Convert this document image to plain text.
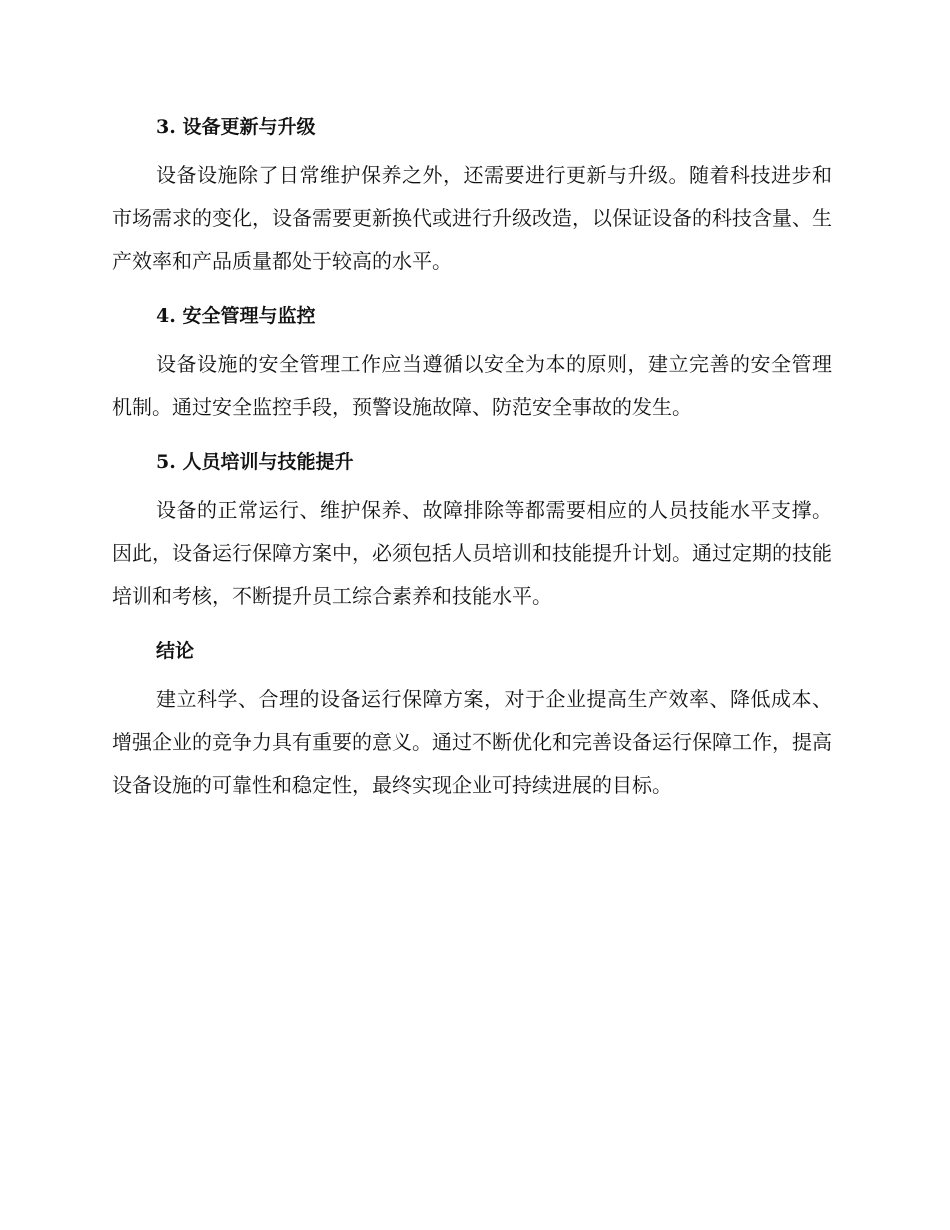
3. 设备更新与升级

设备设施除了日常维护保养之外，还需要进行更新与升级。随着科技进步和市场需求的变化，设备需要更新换代或进行升级改造，以保证设备的科技含量、生产效率和产品质量都处于较高的水平。

4. 安全管理与监控

设备设施的安全管理工作应当遵循以安全为本的原则，建立完善的安全管理机制。通过安全监控手段，预警设施故障、防范安全事故的发生。

5. 人员培训与技能提升

设备的正常运行、维护保养、故障排除等都需要相应的人员技能水平支撑。因此，设备运行保障方案中，必须包括人员培训和技能提升计划。通过定期的技能培训和考核，不断提升员工综合素养和技能水平。

结论

建立科学、合理的设备运行保障方案，对于企业提高生产效率、降低成本、增强企业的竞争力具有重要的意义。通过不断优化和完善设备运行保障工作，提高设备设施的可靠性和稳定性，最终实现企业可持续进展的目标。
